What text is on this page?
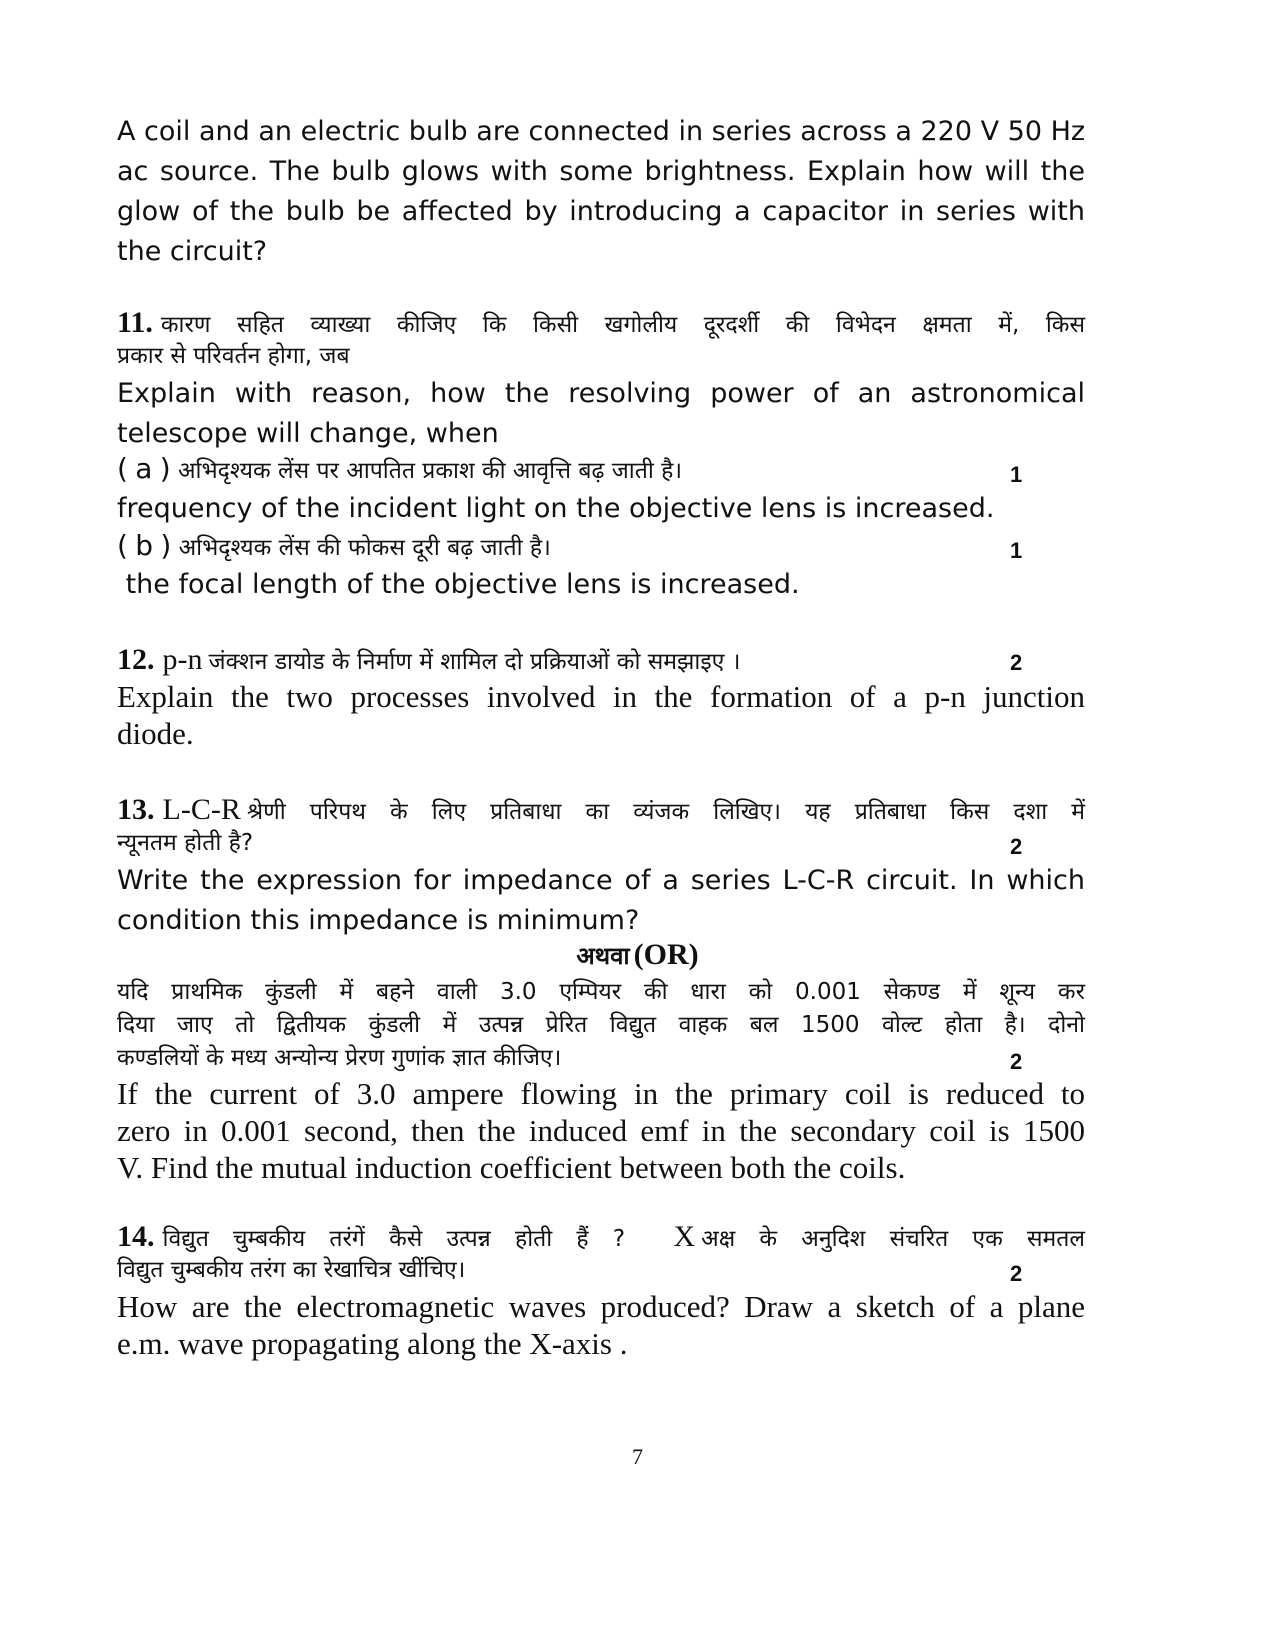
A coil and an electric bulb are connected in series across a 220 V 50 Hz
ac source. The bulb glows with some brightness. Explain how will the
glow of the bulb be affected by introducing a capacitor in series with
the circuit?
11. कारण सहित व्याख्या कीजिए कि किसी खगोलीय दूरदर्शी की विभेदन क्षमता में, किस
प्रकार से परिवर्तन होगा, जब
Explain with reason, how the resolving power of an astronomical
telescope will change, when
( a ) अभिदृश्यक लेंस पर आपतित प्रकाश की आवृत्ति बढ़ जाती है।	1
frequency of the incident light on the objective lens is increased.
( b ) अभिदृश्यक लेंस की फोकस दूरी बढ़ जाती है।	1
the focal length of the objective lens is increased.
12. p-n जंक्शन डायोड के निर्माण में शामिल दो प्रक्रियाओं को समझाइए ।	2
Explain the two processes involved in the formation of a p-n junction
diode.
13. L-C-R श्रेणी परिपथ के लिए प्रतिबाधा का व्यंजक लिखिए। यह प्रतिबाधा किस दशा में
न्यूनतम होती है?	2
Write the expression for impedance of a series L-C-R circuit. In which
condition this impedance is minimum?
अथवा (OR)
यदि प्राथमिक कुंडली में बहने वाली 3.0 एम्पियर की धारा को 0.001 सेकण्ड में शून्य कर
दिया जाए तो द्वितीयक कुंडली में उत्पन्न प्रेरित विद्युत वाहक बल 1500 वोल्ट होता है। दोनो
कण्डलियों के मध्य अन्योन्य प्रेरण गुणांक ज्ञात कीजिए।	2
If the current of 3.0 ampere flowing in the primary coil is reduced to
zero in 0.001 second, then the induced emf in the secondary coil is 1500
V. Find the mutual induction coefficient between both the coils.
14. विद्युत चुम्बकीय तरंगें कैसे उत्पन्न होती हैं ? X अक्ष के अनुदिश संचरित एक समतल
विद्युत चुम्बकीय तरंग का रेखाचित्र खींचिए।	2
How are the electromagnetic waves produced? Draw a sketch of a plane
e.m. wave propagating along the X-axis .
7
